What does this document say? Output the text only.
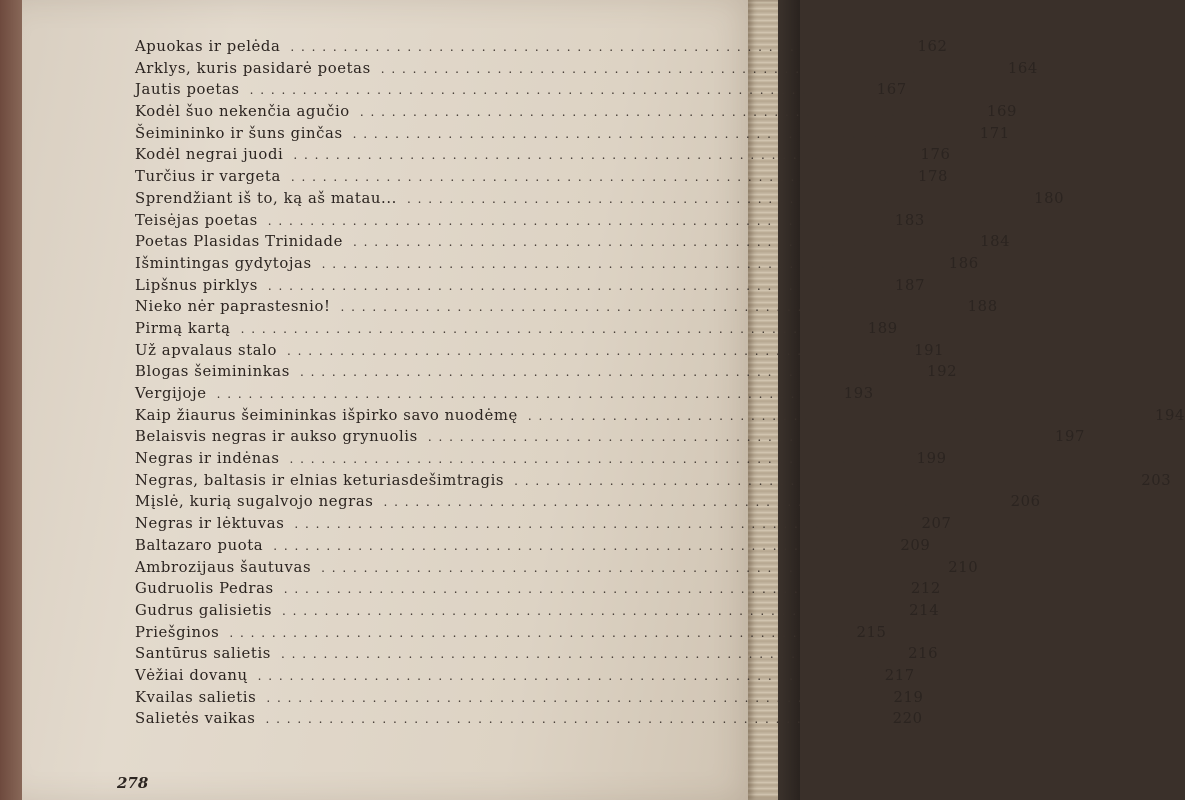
Apuokas ir pelėda . . . . . . . . . . . . . . . . . . . . . . . . . . . . . . . . . . . . . . . . . . . . . . . . . . . . . . . . . .	162
Arklys, kuris pasidarė poetas . . . . . . . . . . . . . . . . . . . . . . . . . . . . . . . . . . . . . . . . . . . . . . . . . . . . . . . . . .	164
Jautis poetas . . . . . . . . . . . . . . . . . . . . . . . . . . . . . . . . . . . . . . . . . . . . . . . . . . . . . . . . . .	167
Kodėl šuo nekenčia agučio . . . . . . . . . . . . . . . . . . . . . . . . . . . . . . . . . . . . . . . . . . . . . . . . . . . . . . . . . .	169
Šeimininko ir šuns ginčas . . . . . . . . . . . . . . . . . . . . . . . . . . . . . . . . . . . . . . . . . . . . . . . . . . . . . . . . . .	171
Kodėl negrai juodi . . . . . . . . . . . . . . . . . . . . . . . . . . . . . . . . . . . . . . . . . . . . . . . . . . . . . . . . . .	176
Turčius ir vargeta . . . . . . . . . . . . . . . . . . . . . . . . . . . . . . . . . . . . . . . . . . . . . . . . . . . . . . . . . .	178
Sprendžiant iš to, ką aš matau... . . . . . . . . . . . . . . . . . . . . . . . . . . . . . . . . . . . . . . . . . . . . . . . . . . . . . . . . . .	180
Teisėjas poetas . . . . . . . . . . . . . . . . . . . . . . . . . . . . . . . . . . . . . . . . . . . . . . . . . . . . . . . . . .	183
Poetas Plasidas Trinidade . . . . . . . . . . . . . . . . . . . . . . . . . . . . . . . . . . . . . . . . . . . . . . . . . . . . . . . . . .	184
Išmintingas gydytojas . . . . . . . . . . . . . . . . . . . . . . . . . . . . . . . . . . . . . . . . . . . . . . . . . . . . . . . . . .	186
Lipšnus pirklys . . . . . . . . . . . . . . . . . . . . . . . . . . . . . . . . . . . . . . . . . . . . . . . . . . . . . . . . . .	187
Nieko nėr paprastesnio! . . . . . . . . . . . . . . . . . . . . . . . . . . . . . . . . . . . . . . . . . . . . . . . . . . . . . . . . . .	188
Pirmą kartą . . . . . . . . . . . . . . . . . . . . . . . . . . . . . . . . . . . . . . . . . . . . . . . . . . . . . . . . . .	189
Už apvalaus stalo . . . . . . . . . . . . . . . . . . . . . . . . . . . . . . . . . . . . . . . . . . . . . . . . . . . . . . . . . .	191
Blogas šeimininkas . . . . . . . . . . . . . . . . . . . . . . . . . . . . . . . . . . . . . . . . . . . . . . . . . . . . . . . . . .	192
Vergijoje . . . . . . . . . . . . . . . . . . . . . . . . . . . . . . . . . . . . . . . . . . . . . . . . . . . . . . . . . .	193
Kaip žiaurus šeimininkas išpirko savo nuodėmę . . . . . . . . . . . . . . . . . . . . . . . . . . . . . . . . . . . . . . . . . . . . . . . . . . . . . . . . . .	194
Belaisvis negras ir aukso grynuolis . . . . . . . . . . . . . . . . . . . . . . . . . . . . . . . . . . . . . . . . . . . . . . . . . . . . . . . . . .	197
Negras ir indėnas . . . . . . . . . . . . . . . . . . . . . . . . . . . . . . . . . . . . . . . . . . . . . . . . . . . . . . . . . .	199
Negras, baltasis ir elnias keturiasdešimtragis . . . . . . . . . . . . . . . . . . . . . . . . . . . . . . . . . . . . . . . . . . . . . . . . . . . . . . . . . .	203
Mįslė, kurią sugalvojo negras . . . . . . . . . . . . . . . . . . . . . . . . . . . . . . . . . . . . . . . . . . . . . . . . . . . . . . . . . .	206
Negras ir lėktuvas . . . . . . . . . . . . . . . . . . . . . . . . . . . . . . . . . . . . . . . . . . . . . . . . . . . . . . . . . .	207
Baltazaro puota . . . . . . . . . . . . . . . . . . . . . . . . . . . . . . . . . . . . . . . . . . . . . . . . . . . . . . . . . .	209
Ambrozijaus šautuvas . . . . . . . . . . . . . . . . . . . . . . . . . . . . . . . . . . . . . . . . . . . . . . . . . . . . . . . . . .	210
Gudruolis Pedras . . . . . . . . . . . . . . . . . . . . . . . . . . . . . . . . . . . . . . . . . . . . . . . . . . . . . . . . . .	212
Gudrus galisietis . . . . . . . . . . . . . . . . . . . . . . . . . . . . . . . . . . . . . . . . . . . . . . . . . . . . . . . . . .	214
Priešginos . . . . . . . . . . . . . . . . . . . . . . . . . . . . . . . . . . . . . . . . . . . . . . . . . . . . . . . . . .	215
Santūrus salietis . . . . . . . . . . . . . . . . . . . . . . . . . . . . . . . . . . . . . . . . . . . . . . . . . . . . . . . . . .	216
Vėžiai dovanų . . . . . . . . . . . . . . . . . . . . . . . . . . . . . . . . . . . . . . . . . . . . . . . . . . . . . . . . . .	217
Kvailas salietis . . . . . . . . . . . . . . . . . . . . . . . . . . . . . . . . . . . . . . . . . . . . . . . . . . . . . . . . . .	219
Salietės vaikas . . . . . . . . . . . . . . . . . . . . . . . . . . . . . . . . . . . . . . . . . . . . . . . . . . . . . . . . . .	220
278
